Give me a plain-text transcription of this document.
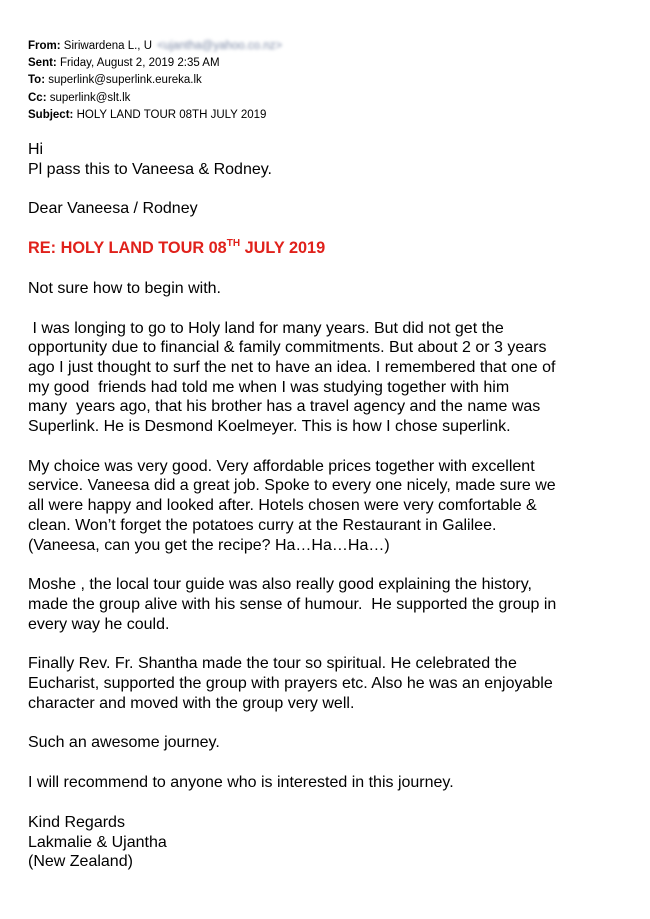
From: Siriwardena L., U <ujantha@yahoo.co.nz>
Sent: Friday, August 2, 2019 2:35 AM
To: superlink@superlink.eureka.lk
Cc: superlink@slt.lk
Subject: HOLY LAND TOUR 08TH JULY 2019

Hi

Pl pass this to Vaneesa & Rodney.

Dear Vaneesa / Rodney

RE: HOLY LAND TOUR 08TH JULY 2019

Not sure how to begin with.

I was longing to go to Holy land for many years. But did not get the

opportunity due to financial & family commitments. But about 2 or 3 years

ago I just thought to surf the net to have an idea. I remembered that one of

my good  friends had told me when I was studying together with him

many  years ago, that his brother has a travel agency and the name was

Superlink. He is Desmond Koelmeyer. This is how I chose superlink.

My choice was very good. Very affordable prices together with excellent

service. Vaneesa did a great job. Spoke to every one nicely, made sure we

all were happy and looked after. Hotels chosen were very comfortable &

clean. Won’t forget the potatoes curry at the Restaurant in Galilee.

(Vaneesa, can you get the recipe? Ha…Ha…Ha…)

Moshe , the local tour guide was also really good explaining the history,

made the group alive with his sense of humour.  He supported the group in

every way he could.

Finally Rev. Fr. Shantha made the tour so spiritual. He celebrated the

Eucharist, supported the group with prayers etc. Also he was an enjoyable

character and moved with the group very well.

Such an awesome journey.

I will recommend to anyone who is interested in this journey.

Kind Regards

Lakmalie & Ujantha

(New Zealand)
